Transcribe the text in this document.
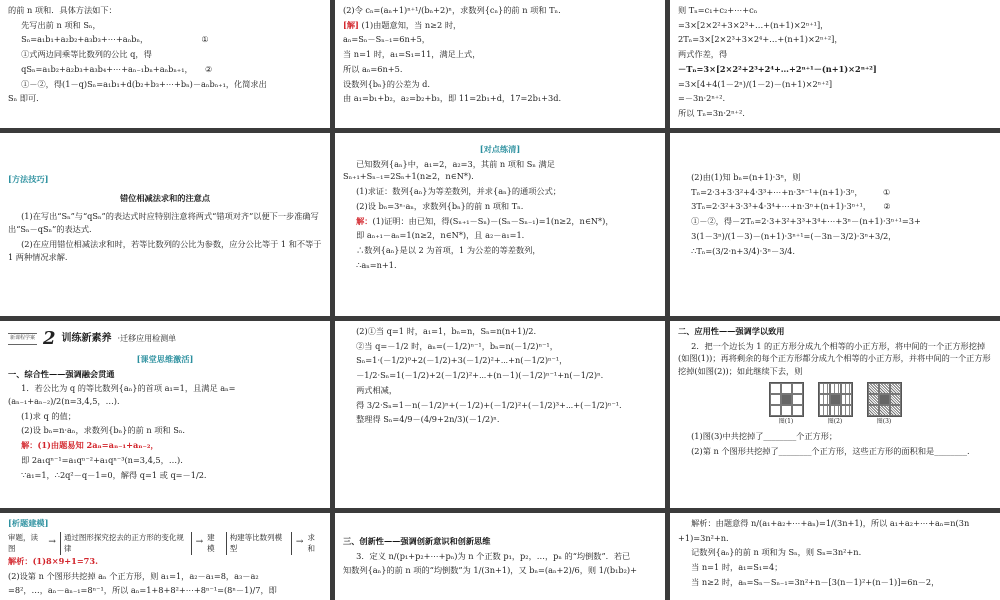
的前 n 项和．具体方法如下：

先写出前 n 项和 Sₙ，

Sₙ=a₁b₁+a₂b₂+a₃b₃+⋯+aₙbₙ，　　　　　　　①

①式两边同乘等比数列的公比 q，得

qSₙ=a₁b₂+a₂b₃+a₃b₄+⋯+aₙ₋₁bₙ+aₙbₙ₊₁，　　②

①－②，得(1－q)Sₙ=a₁b₁+d(b₂+b₃+⋯+bₙ)－aₙbₙ₊₁，化简求出

Sₙ 即可．

(2)令 cₙ=(aₙ+1)ⁿ⁺¹/(bₙ+2)ⁿ，求数列{cₙ}的前 n 项和 Tₙ.

[解] (1)由题意知，当 n≥2 时，

aₙ=Sₙ－Sₙ₋₁=6n+5，

当 n=1 时，a₁=S₁=11，满足上式，

所以 aₙ=6n+5.

设数列{bₙ}的公差为 d.

由 a₁=b₁+b₂，a₂=b₂+b₃，即 11=2b₁+d，17=2b₁+3d.

则 Tₙ=c₁+c₂+⋯+cₙ

=3×[2×2²+3×2³+…+(n+1)×2ⁿ⁺¹]，

2Tₙ=3×[2×2³+3×2⁴+…+(n+1)×2ⁿ⁺²]，

两式作差，得

－Tₙ=3×[2×2²+2³+2⁴+…+2ⁿ⁺¹－(n+1)×2ⁿ⁺²]

=3×[4+4(1－2ⁿ)/(1－2)－(n+1)×2ⁿ⁺²]

=－3n·2ⁿ⁺².

所以 Tₙ=3n·2ⁿ⁺².

[方法技巧]

错位相减法求和的注意点

(1)在写出“Sₙ”与“qSₙ”的表达式时应特别注意将两式“错项对齐”以便下一步准确写出“Sₙ－qSₙ”的表达式.

(2)在应用错位相减法求和时，若等比数列的公比为参数，应分公比等于 1 和不等于 1 两种情况求解.

[对点练清]

已知数列{aₙ}中，a₁=2，a₂=3，其前 n 项和 Sₙ 满足 Sₙ₊₁+Sₙ₋₁=2Sₙ+1(n≥2，n∈N*).

(1)求证：数列{aₙ}为等差数列，并求{aₙ}的通项公式；

(2)设 bₙ=3ⁿ·aₙ，求数列{bₙ}的前 n 项和 Tₙ.

解：(1)证明：由已知，得(Sₙ₊₁－Sₙ)－(Sₙ－Sₙ₋₁)=1(n≥2，n∈N*)，

即 aₙ₊₁－aₙ=1(n≥2，n∈N*)，且 a₂－a₁=1.

∴数列{aₙ}是以 2 为首项，1 为公差的等差数列，

∴aₙ=n+1.

(2)由(1)知 bₙ=(n+1)·3ⁿ，则

Tₙ=2·3+3·3²+4·3³+⋯+n·3ⁿ⁻¹+(n+1)·3ⁿ，　　　①

3Tₙ=2·3²+3·3³+4·3⁴+⋯+n·3ⁿ+(n+1)·3ⁿ⁺¹，　　②

①－②，得－2Tₙ=2·3+3²+3³+3⁴+⋯+3ⁿ－(n+1)·3ⁿ⁺¹=3+

3(1－3ⁿ)/(1－3)－(n+1)·3ⁿ⁺¹=(－3n－3/2)·3ⁿ+3/2，

∴Tₙ=(3/2·n+3/4)·3ⁿ－3/4.

新课程学案 2 训练新素养 ·迁移应用检测单

[课堂思维激活]

一、综合性——强调融会贯通

1．若公比为 q 的等比数列{aₙ}的首项 a₁=1，且满足 aₙ=(aₙ₋₁+aₙ₋₂)/2(n=3,4,5，…).

(1)求 q 的值；

(2)设 bₙ=n·aₙ，求数列{bₙ}的前 n 项和 Sₙ.

解：(1)由题易知 2aₙ=aₙ₋₁+aₙ₋₂，

即 2a₁qⁿ⁻¹=a₁qⁿ⁻²+a₁qⁿ⁻³(n=3,4,5，…).

∵a₁=1，∴2q²－q－1=0，解得 q=1 或 q=－1/2.

(2)①当 q=1 时，a₁=1，bₙ=n，Sₙ=n(n+1)/2.

②当 q=－1/2 时，aₙ=(－1/2)ⁿ⁻¹，bₙ=n(－1/2)ⁿ⁻¹，

Sₙ=1·(－1/2)⁰+2(－1/2)+3(－1/2)²+⋯+n(－1/2)ⁿ⁻¹，

－1/2·Sₙ=1(－1/2)+2(－1/2)²+⋯+(n－1)(－1/2)ⁿ⁻¹+n(－1/2)ⁿ.

两式相减，

得 3/2·Sₙ=1－n(－1/2)ⁿ+(－1/2)+(－1/2)²+(－1/2)³+⋯+(－1/2)ⁿ⁻¹.

整理得 Sₙ=4/9－(4/9+2n/3)(－1/2)ⁿ.

二、应用性——强调学以致用

2．把一个边长为 1 的正方形分成九个相等的小正方形，将中间的一个正方形挖掉(如图(1))；再将剩余的每个正方形都分成九个相等的小正方形，并将中间的一个正方形挖掉(如图(2))；如此继续下去，则

图(1)	图(2)	图(3)

(1)图(3)中共挖掉了________个正方形；

(2)第 n 个图形共挖掉了________个正方形，这些正方形的面积和是________.

[析题建模]

审题，读图
→
通过图形探究挖去的正方形的变化规律
→
建模
构建等比数列模型
→
求和

解析：(1)8×9+1=73.

(2)设第 n 个图形共挖掉 aₙ 个正方形，则 a₁=1，a₂－a₁=8，a₃－a₂

=8²，…，aₙ－aₙ₋₁=8ⁿ⁻¹，所以 aₙ=1+8+8²+⋯+8ⁿ⁻¹=(8ⁿ－1)/7，即

三、创新性——强调创新意识和创新思维

3．定义 n/(p₁+p₂+⋯+pₙ)为 n 个正数 p₁，p₂，…，pₙ 的“均倒数”．若已

知数列{aₙ}的前 n 项的“均倒数”为 1/(3n+1)，又 bₙ=(aₙ+2)/6，则 1/(b₁b₂)+

解析：由题意得 n/(a₁+a₂+⋯+aₙ)=1/(3n+1)，所以 a₁+a₂+⋯+aₙ=n(3n

+1)=3n²+n.

记数列{aₙ}的前 n 项和为 Sₙ，则 Sₙ=3n²+n.

当 n=1 时，a₁=S₁=4；

当 n≥2 时，aₙ=Sₙ－Sₙ₋₁=3n²+n－[3(n－1)²+(n－1)]=6n－2，
